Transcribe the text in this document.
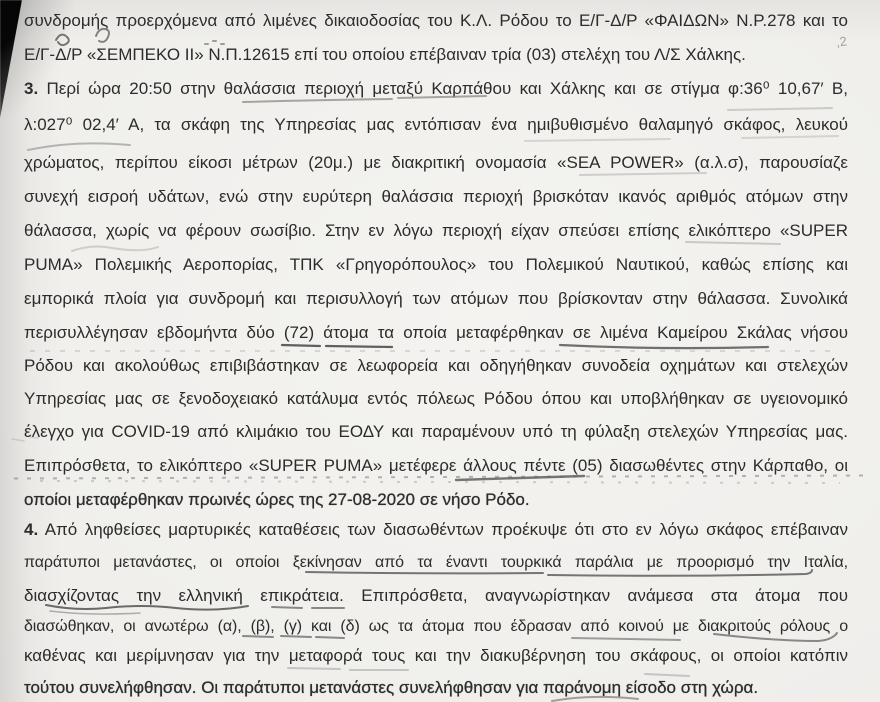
συνδρομής προερχόμενα από λιμένες δικαιοδοσίας του Κ.Λ. Ρόδου το Ε/Γ-Δ/Ρ «ΦΑΙΔΩΝ» Ν.Ρ.278 και το
Ε/Γ-Δ/Ρ «ΣΕΜΠΕΚΟ ΙΙ» Ν.Π.12615 επί του οποίου επέβαιναν τρία (03) στελέχη του Λ/Σ Χάλκης.
3. Περί ώρα 20:50 στην θαλάσσια περιοχή μεταξύ Καρπάθου και Χάλκης και σε στίγμα φ:36⁰ 10,67′ Β,
λ:027⁰ 02,4′ Α, τα σκάφη της Υπηρεσίας μας εντόπισαν ένα ημιβυθισμένο θαλαμηγό σκάφος, λευκού
χρώματος, περίπου είκοσι μέτρων (20μ.) με διακριτική ονομασία «SEA POWER» (α.λ.σ), παρουσίαζε
συνεχή εισροή υδάτων, ενώ στην ευρύτερη θαλάσσια περιοχή βρισκόταν ικανός αριθμός ατόμων στην
θάλασσα, χωρίς να φέρουν σωσίβιο. Στην εν λόγω περιοχή είχαν σπεύσει επίσης ελικόπτερο «SUPER
PUMA» Πολεμικής Αεροπορίας, ΤΠΚ «Γρηγορόπουλος» του Πολεμικού Ναυτικού, καθώς επίσης και
εμπορικά πλοία για συνδρομή και περισυλλογή των ατόμων που βρίσκονταν στην θάλασσα. Συνολικά
περισυλλέγησαν εβδομήντα δύο (72) άτομα τα οποία μεταφέρθηκαν σε λιμένα Καμείρου Σκάλας νήσου
Ρόδου και ακολούθως επιβιβάστηκαν σε λεωφορεία και οδηγήθηκαν συνοδεία οχημάτων και στελεχών
Υπηρεσίας μας σε ξενοδοχειακό κατάλυμα εντός πόλεως Ρόδου όπου και υποβλήθηκαν σε υγειονομικό
έλεγχο για COVID-19 από κλιμάκιο του ΕΟΔΥ και παραμένουν υπό τη φύλαξη στελεχών Υπηρεσίας μας.
Επιπρόσθετα, το ελικόπτερο «SUPER PUMA» μετέφερε άλλους πέντε (05) διασωθέντες στην Κάρπαθο, οι
οποίοι μεταφέρθηκαν πρωινές ώρες της 27-08-2020 σε νήσο Ρόδο.
4. Από ληφθείσες μαρτυρικές καταθέσεις των διασωθέντων προέκυψε ότι στο εν λόγω σκάφος επέβαιναν
παράτυποι μετανάστες, οι οποίοι ξεκίνησαν από τα έναντι τουρκικά παράλια με προορισμό την Ιταλία,
διασχίζοντας την ελληνική επικράτεια. Επιπρόσθετα, αναγνωρίστηκαν ανάμεσα στα άτομα που
διασώθηκαν, οι ανωτέρω (α), (β), (γ) και (δ) ως τα άτομα που έδρασαν από κοινού με διακριτούς ρόλους ο
καθένας και μερίμνησαν για την μεταφορά τους και την διακυβέρνηση του σκάφους, οι οποίοι κατόπιν
τούτου συνελήφθησαν. Οι παράτυποι μετανάστες συνελήφθησαν για παράνομη είσοδο στη χώρα.
,2
